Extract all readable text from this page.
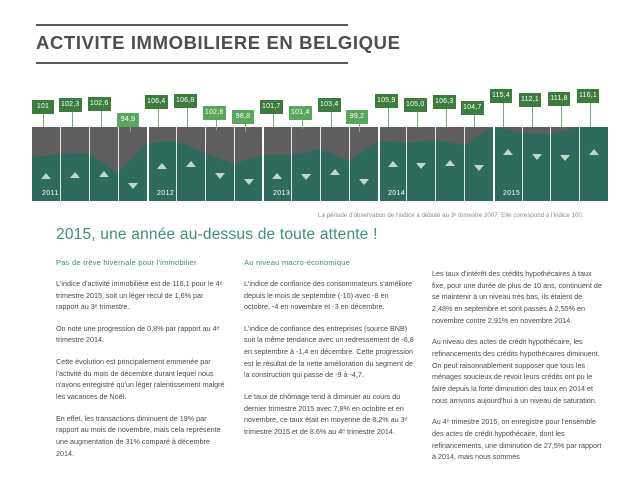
ACTIVITE IMMOBILIERE EN BELGIQUE
2011	2012	2013	2014	2015
101	102,3 102,6
94,9
106,4 106,8
102,8
98,8
101,7
101,4
103,4
99,2
105,9
105,0 106,3
104,7
115,4
112,1	111,8	116,1
La période d'observation de l'indice a débuté au 3ᵉ trimestre 2007. Elle correspond à l'indice 100.
2015, une année au-dessus de toute attente !
Pas de trêve hivernale pour l'immobilier

L'indice d'activité immobilière est de 116,1 pour le 4ᵉ trimestre 2015, soit un léger recul de 1,6% par rapport au 3ᵉ trimestre.

On note une progression de 0,8% par rapport au 4ᵉ trimestre 2014.

Cette évolution est principalement emmenée par l'activité du mois de décembre durant lequel nous n'avons enregistré qu'un léger ralentissement malgré les vacances de Noël.

En effet, les transactions diminuent de 19% par rapport au mois de novembre, mais cela représente une augmentation de 31% comparé à décembre 2014.

Au niveau macro-économique

L'indice de confiance des consommateurs s'améliore depuis le mois de septembre (-10) avec -8 en octobre, -4 en novembre et -3 en décembre.

L'indice de confiance des entreprises (source BNB) suit la même tendance avec un redressement de -6,8 en septembre à -1,4 en décembre. Cette progression est le résultat de la nette amélioration du segment de la construction qui passe de -9 à -4,7.

Le taux de chômage tend à diminuer au cours du dernier trimestre 2015 avec 7,8% en octobre et en novembre, ce taux était en moyenne de 8,2% au 3ᵉ trimestre 2015 et de 8.6% au 4ᵉ trimestre 2014.

Les taux d'intérêt des crédits hypothécaires à taux fixe, pour une durée de plus de 10 ans, continuent de se maintenir à un niveau très bas, ils étaient de 2,48% en septembre et sont passés à 2,55% en novembre contre 2,91% en novembre 2014.

Au niveau des actes de crédit hypothécaire, les refinancements des crédits hypothécaires diminuent. On peut raisonnablement supposer que tous les ménages soucieux de revoir leurs crédits ont pu le faire depuis la forte diminution des taux en 2014 et nous arrivons aujourd'hui à un niveau de saturation.

Au 4ᵉ trimestre 2015, on enregistre pour l'ensemble des actes de crédit hypothécaire, dont les refinancements, une diminution de 27,5% par rapport à 2014, mais nous sommes
